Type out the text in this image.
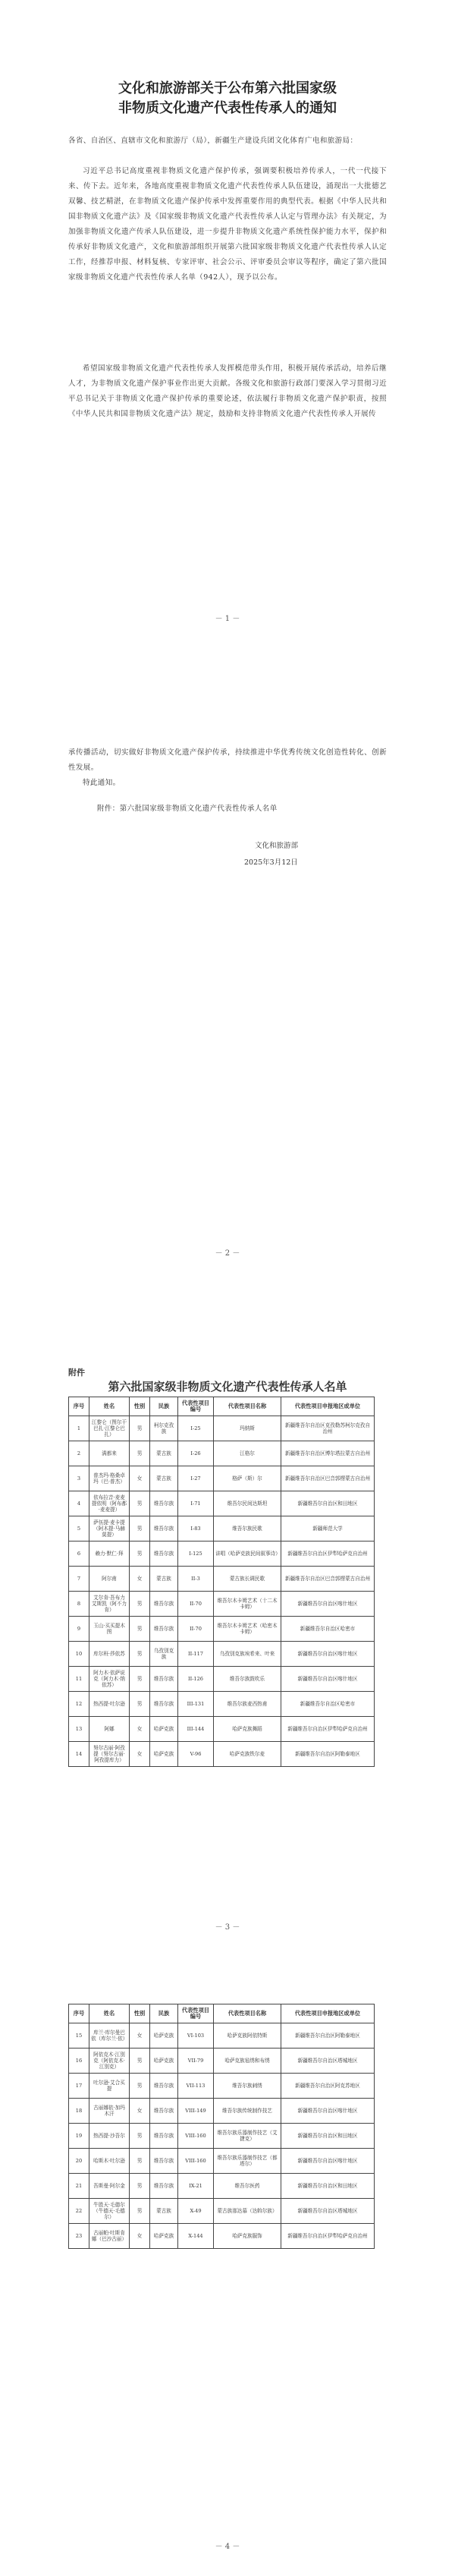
文化和旅游部关于公布第六批国家级
非物质文化遗产代表性传承人的通知
各省、自治区、直辖市文化和旅游厅（局），新疆生产建设兵团文化体育广电和旅游局：
习近平总书记高度重视非物质文化遗产保护传承，强调要积极培养传承人，一代一代接下来、传下去。近年来，各地高度重视非物质文化遗产代表性传承人队伍建设，涌现出一大批德艺双馨、技艺精湛，在非物质文化遗产保护传承中发挥重要作用的典型代表。根据《中华人民共和国非物质文化遗产法》及《国家级非物质文化遗产代表性传承人认定与管理办法》有关规定，为加强非物质文化遗产传承人队伍建设，进一步提升非物质文化遗产系统性保护能力水平，保护和传承好非物质文化遗产，文化和旅游部组织开展第六批国家级非物质文化遗产代表性传承人认定工作，经推荐申报、材料复核、专家评审、社会公示、评审委员会审议等程序，确定了第六批国家级非物质文化遗产代表性传承人名单（942人），现予以公布。
希望国家级非物质文化遗产代表性传承人发挥模范带头作用，积极开展传承活动，培养后继人才，为非物质文化遗产保护事业作出更大贡献。各级文化和旅游行政部门要深入学习贯彻习近平总书记关于非物质文化遗产保护传承的重要论述，依法履行非物质文化遗产保护职责，按照《中华人民共和国非物质文化遗产法》规定，鼓励和支持非物质文化遗产代表性传承人开展传
－ 1 －
承传播活动，切实做好非物质文化遗产保护传承，持续推进中华优秀传统文化创造性转化、创新性发展。
特此通知。
附件：第六批国家级非物质文化遗产代表性传承人名单
文化和旅游部
2025年3月12日
－ 2 －
附件
第六批国家级非物质文化遗产代表性传承人名单
序号	姓名	性别	民族	代表性项目编号	代表性项目名称	代表性项目申报地区或单位
1	江黎仑（图尔干巴扎·江黎仑巴扎）	男	柯尔克孜族	I-25	玛纳斯	新疆维吾尔自治区克孜勒苏柯尔克孜自治州
2	满都来	男	蒙古族	I-26	江格尔	新疆维吾尔自治区博尔塔拉蒙古自治州
3	普杰玛·格桑卓玛（巴·普杰）	女	蒙古族	I-27	格萨（斯）尔	新疆维吾尔自治区巴音郭楞蒙古自治州
4	依布拉音·麦麦提依明（阿布都·麦麦提）	男	维吾尔族	I-71	维吾尔民间达斯坦	新疆维吾尔自治区和田地区
5	萨伍提·麦卡提（阿木提·马赫莫提）	男	维吾尔族	I-83	维吾尔族民歌	新疆师范大学
6	赖力·默仁·拜	男	维吾尔族	I-125	讲唱（哈萨克族民间叙事诗）	新疆维吾尔自治区伊犁哈萨克自治州
7	阿尔甫	女	蒙古族	II-3	蒙古族长调民歌	新疆维吾尔自治区巴音郭楞蒙古自治州
8	艾尔肯·吾布力艾斯凯（阿不力肯）	男	维吾尔族	II-70	维吾尔木卡姆艺术（十二木卡姆）	新疆维吾尔自治区喀什地区
9	玉山·买买提木图	男	维吾尔族	II-70	维吾尔木卡姆艺术（哈密木卡姆）	新疆维吾尔自治区哈密市
10	库尔班·莎依苏	男	乌孜别克族	II-117	乌孜别克族埃希来、叶来	新疆维吾尔自治区喀什地区
11	阿力木·依萨说克（阿力木·纳依苏）	男	维吾尔族	II-126	维吾尔族鼓吹乐	新疆维吾尔自治区喀什地区
12	热西提·吐尔逊	男	维吾尔族	III-131	维吾尔族麦西热甫	新疆维吾尔自治区哈密市
13	阿娜	女	哈萨克族	III-144	哈萨克族舞蹈	新疆维吾尔自治区伊犁哈萨克自治州
14	努尔古丽·阿孜提（努尔古丽·阿孜提库力）	女	哈萨克族	V-96	哈萨克族铁尔麦	新疆维吾尔自治区阿勒泰地区
－ 3 －
序号	姓名	性别	民族	代表性项目编号	代表性项目名称	代表性项目申报地区或单位
15	库兰·库尔曼巴依（库尔兰·依）	女	哈萨克族	VI-103	哈萨克族阿依特斯	新疆维吾尔自治区阿勒泰地区
16	阿依克木·江别克（阿依克木·江别克）	男	哈萨克族	VII-79	哈萨克族毡绣和布绣	新疆维吾尔自治区塔城地区
17	吐尔逊·艾合买提	男	维吾尔族	VII-113	维吾尔族刺绣	新疆维吾尔自治区阿克苏地区
18	古丽娜依·加玛木汗	女	维吾尔族	VIII-149	维吾尔族传统制作技艺	新疆维吾尔自治区喀什地区
19	热西提·沙吾尔	男	维吾尔族	VIII-160	维吾尔族乐器制作技艺（艾捷克）	新疆维吾尔自治区和田地区
20	哈斯木·吐尔逊	男	维吾尔族	VIII-160	维吾尔族乐器制作技艺（都塔尔）	新疆维吾尔自治区喀什地区
21	吾斯曼·阿尔金	男	维吾尔族	IX-21	维吾尔医药	新疆维吾尔自治区和田地区
22	牛胜天·毛德尔（牛德天·毛德尔）	男	蒙古族	X-49	蒙古族那达慕（达斡尔族）	新疆维吾尔自治区塔城地区
23	古丽帕·吐斯肯娜（巴沙古丽）	女	哈萨克族	X-144	哈萨克族服饰	新疆维吾尔自治区伊犁哈萨克自治州
－ 4 －
